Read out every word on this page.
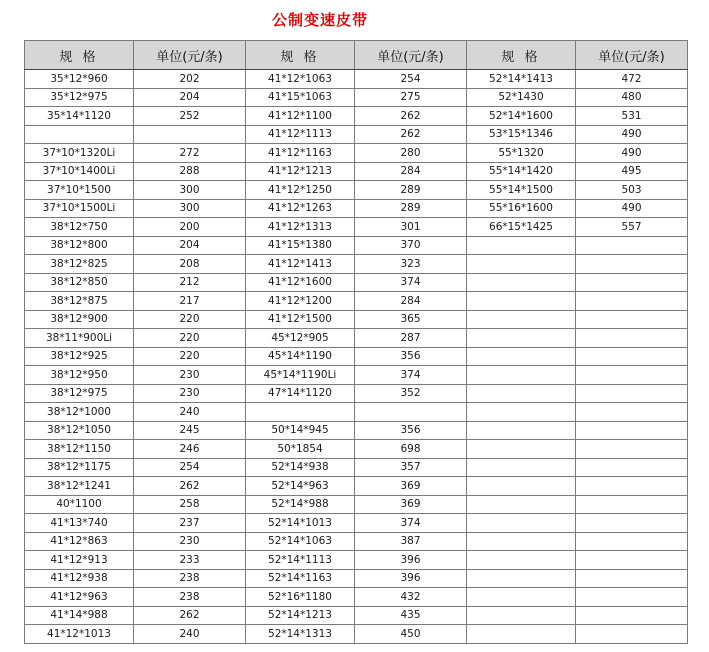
公制变速皮带
规 格	单位(元/条)	规 格	单位(元/条)	规 格	单位(元/条)
35*12*960	202	41*12*1063	254	52*14*1413	472
35*12*975	204	41*15*1063	275	52*1430	480
35*14*1120	252	41*12*1100	262	52*14*1600	531
		41*12*1113	262	53*15*1346	490
37*10*1320Li	272	41*12*1163	280	55*1320	490
37*10*1400Li	288	41*12*1213	284	55*14*1420	495
37*10*1500	300	41*12*1250	289	55*14*1500	503
37*10*1500Li	300	41*12*1263	289	55*16*1600	490
38*12*750	200	41*12*1313	301	66*15*1425	557
38*12*800	204	41*15*1380	370		
38*12*825	208	41*12*1413	323		
38*12*850	212	41*12*1600	374		
38*12*875	217	41*12*1200	284		
38*12*900	220	41*12*1500	365		
38*11*900Li	220	45*12*905	287		
38*12*925	220	45*14*1190	356		
38*12*950	230	45*14*1190Li	374		
38*12*975	230	47*14*1120	352		
38*12*1000	240				
38*12*1050	245	50*14*945	356		
38*12*1150	246	50*1854	698		
38*12*1175	254	52*14*938	357		
38*12*1241	262	52*14*963	369		
40*1100	258	52*14*988	369		
41*13*740	237	52*14*1013	374		
41*12*863	230	52*14*1063	387		
41*12*913	233	52*14*1113	396		
41*12*938	238	52*14*1163	396		
41*12*963	238	52*16*1180	432		
41*14*988	262	52*14*1213	435		
41*12*1013	240	52*14*1313	450		
